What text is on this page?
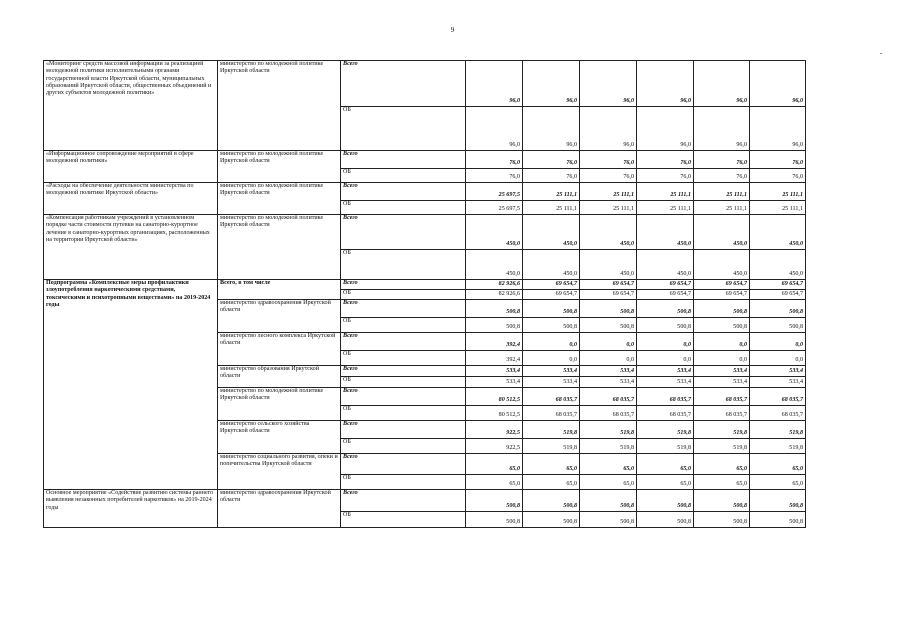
9
-
«Мониторинг средств массовой информации за реализацией молодежной политики исполнительными органами государственной власти Иркутской области, муниципальных образований Иркутской области, общественных объединений и других субъектов молодежной политики»	министерство по молодежной политике Иркутской области	Всего	96,0	96,0	96,0	96,0	96,0	96,0
		ОБ	96,0	96,0	96,0	96,0	96,0	96,0
«Информационное сопровождение мероприятий в сфере молодежной политики»	министерство по молодежной политике Иркутской области	Всего	76,0	76,0	76,0	76,0	76,0	76,0
		ОБ	76,0	76,0	76,0	76,0	76,0	76,0
«Расходы на обеспечение деятельности министерства по молодежной политике Иркутской области»	министерство по молодежной политике Иркутской области	Всего	25 697,5	25 111,1	25 111,1	25 111,1	25 111,1	25 111,1
		ОБ	25 697,5	25 111,1	25 111,1	25 111,1	25 111,1	25 111,1
«Компенсация работникам учреждений в установленном порядке части стоимости путевки на санаторно-курортное лечение в санаторно-курортных организациях, расположенных на территории Иркутской области»	министерство по молодежной политике Иркутской области	Всего	450,0	450,0	450,0	450,0	450,0	450,0
		ОБ	450,0	450,0	450,0	450,0	450,0	450,0
Подпрограмма «Комплексные меры профилактики злоупотребления наркотическими средствами, токсическими и психотропными веществами» на 2019-2024 годы	Всего, в том числе	Всего	82 926,6	69 654,7	69 654,7	69 654,7	69 654,7	69 654,7
		ОБ	82 926,6	69 654,7	69 654,7	69 654,7	69 654,7	69 654,7
	министерство здравоохранения Иркутской области	Всего	500,8	500,8	500,8	500,8	500,8	500,8
		ОБ	500,8	500,8	500,8	500,8	500,8	500,8
	министерство лесного комплекса Иркутской области	Всего	392,4	0,0	0,0	0,0	0,0	0,0
		ОБ	392,4	0,0	0,0	0,0	0,0	0,0
	министерство образования Иркутской области	Всего	533,4	533,4	533,4	533,4	533,4	533,4
		ОБ	533,4	533,4	533,4	533,4	533,4	533,4
	министерство по молодежной политике Иркутской области	Всего	80 512,5	68 035,7	68 035,7	68 035,7	68 035,7	68 035,7
		ОБ	80 512,5	68 035,7	68 035,7	68 035,7	68 035,7	68 035,7
	министерство сельского хозяйства Иркутской области	Всего	922,5	519,8	519,8	519,8	519,8	519,8
		ОБ	922,5	519,8	519,8	519,8	519,8	519,8
	министерство социального развития, опеки и попечительства Иркутской области	Всего	65,0	65,0	65,0	65,0	65,0	65,0
		ОБ	65,0	65,0	65,0	65,0	65,0	65,0
Основное мероприятие «Содействие развитию системы раннего выявления незаконных потребителей наркотиков» на 2019-2024 годы	министерство здравоохранения Иркутской области	Всего	500,8	500,8	500,8	500,8	500,8	500,8
		ОБ	500,8	500,8	500,8	500,8	500,8	500,8
